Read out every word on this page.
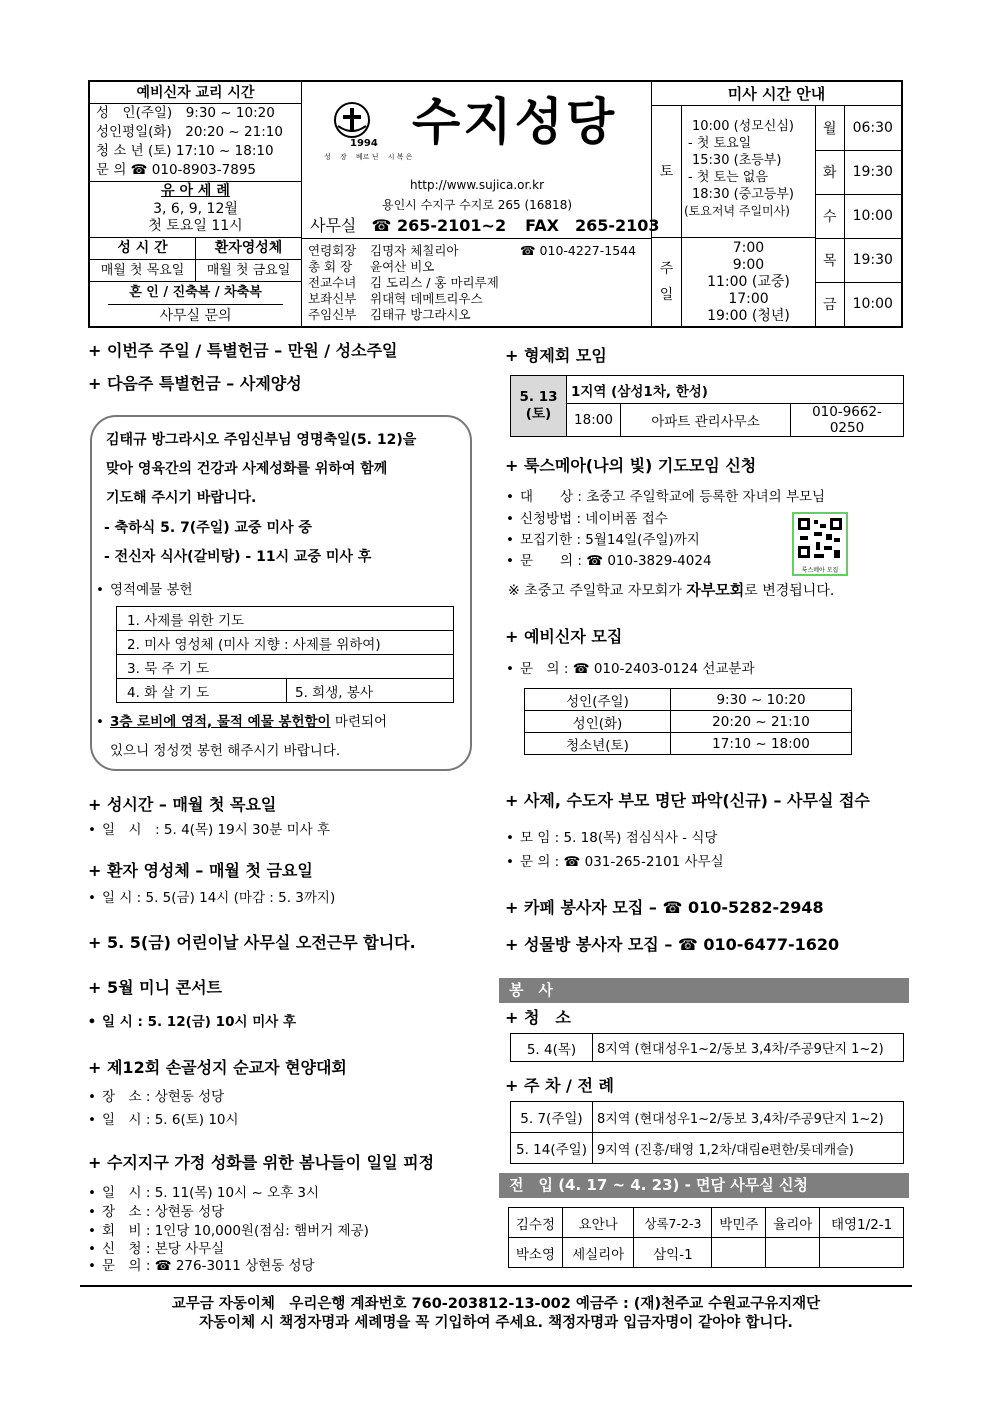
예비신자 교리 시간
성　인(주일)　9:30 ~ 10:20
성인평일(화)　20:20 ~ 21:10
청 소 년 (토) 17:10 ~ 18:10
문 의 ☎ 010-8903-7895
유 아 세 례
3, 6, 9, 12월
첫 토요일 11시
성 시 간
매월 첫 목요일
환자영성체
매월 첫 금요일
혼 인 / 진축복 / 차축복
사무실 문의
1994
성 　장 　베르 닌 　시 복 은
수지성당
http://www.sujica.or.kr
용인시 수지구 수지로 265 (16818)
사무실 ☎ 265-2101~2 FAX　265-2103
연령회장 김명자 체칠리아	☎ 010-4227-1544
총 회 장 윤여산 비오
전교수녀 김 도리스 / 홍 마리루제
보좌신부 위대혁 데메트리우스
주임신부 김태규 방그라시오
미사 시간 안내
토
10:00 (성모신심)
- 첫 토요일
15:30 (초등부)
- 첫 토는 없음
18:30 (중고등부)
(토요저녁 주일미사)
주
일
7:00
9:00
11:00 (교중)
17:00
19:00 (청년)
월	06:30
화	19:30
수	10:00
목	19:30
금	10:00
+ 이번주 주일 / 특별헌금 – 만원 / 성소주일
+ 다음주 특별헌금 – 사제양성
김태규 방그라시오 주임신부님 영명축일(5. 12)을
맞아 영육간의 건강과 사제성화를 위하여 함께
기도해 주시기 바랍니다.
- 축하식 5. 7(주일) 교중 미사 중
- 전신자 식사(갈비탕) - 11시 교중 미사 후
• 영적예물 봉헌
1. 사제를 위한 기도
2. 미사 영성체 (미사 지향 : 사제를 위하여)
3. 묵 주 기 도
4. 화 살 기 도	5. 희생, 봉사
•3층 로비에 영적, 물적 예물 봉헌함이 마련되어
있으니 정성껏 봉헌 해주시기 바랍니다.
+ 성시간 – 매월 첫 목요일
• 일　시　: 5. 4(목) 19시 30분 미사 후
+ 환자 영성체 – 매월 첫 금요일
• 일 시 : 5. 5(금) 14시 (마감 : 5. 3까지)
+ 5. 5(금) 어린이날 사무실 오전근무 합니다.
+ 5월 미니 콘서트
• 일 시 : 5. 12(금) 10시 미사 후
+ 제12회 손골성지 순교자 현양대회
• 장　소 : 상현동 성당
• 일　시 : 5. 6(토) 10시
+ 수지지구 가정 성화를 위한 봄나들이 일일 피정
• 일　시 : 5. 11(목) 10시 ~ 오후 3시
• 장　소 : 상현동 성당
• 회　비 : 1인당 10,000원(점심: 햄버거 제공)
• 신　청 : 본당 사무실
• 문　의 : ☎ 276-3011 상현동 성당
+ 형제회 모임
5. 13
(토)	1지역 (삼성1차, 한성)		
	18:00	아파트 관리사무소	010-9662-0250
+ 룩스메아(나의 빛) 기도모임 신청
• 대　　상 : 초중고 주일학교에 등록한 자녀의 부모님
• 신청방법 : 네이버폼 접수
• 모집기한 : 5월14일(주일)까지
• 문　　의 : ☎ 010-3829-4024
룩스메아 모집
※ 초중고 주일학교 자모회가 자부모회로 변경됩니다.
+ 예비신자 모집
• 문　의 : ☎ 010-2403-0124 선교분과
성인(주일)	9:30 ~ 10:20
성인(화)	20:20 ~ 21:10
청소년(토)	17:10 ~ 18:00
+ 사제, 수도자 부모 명단 파악(신규) – 사무실 접수
• 모 임 : 5. 18(목) 점심식사 - 식당
• 문 의 : ☎ 031-265-2101 사무실
+ 카페 봉사자 모집 – ☎ 010-5282-2948
+ 성물방 봉사자 모집 – ☎ 010-6477-1620
봉　사
+ 청　소
5. 4(목)	8지역 (현대성우1~2/동보 3,4차/주공9단지 1~2)
+ 주 차 / 전 례
5. 7(주일)	8지역 (현대성우1~2/동보 3,4차/주공9단지 1~2)
5. 14(주일)	9지역 (진흥/태영 1,2차/대림e편한/롯데캐슬)
전　입 (4. 17 ~ 4. 23) - 면담 사무실 신청
김수정	요안나	상록7-2-3	박민주	율리아	태영1/2-1
박소영	세실리아	삼익-1			
교무금 자동이체　우리은행 계좌번호 760-203812-13-002 예금주 : (재)천주교 수원교구유지재단
자동이체 시 책정자명과 세례명을 꼭 기입하여 주세요. 책정자명과 입금자명이 같아야 합니다.
